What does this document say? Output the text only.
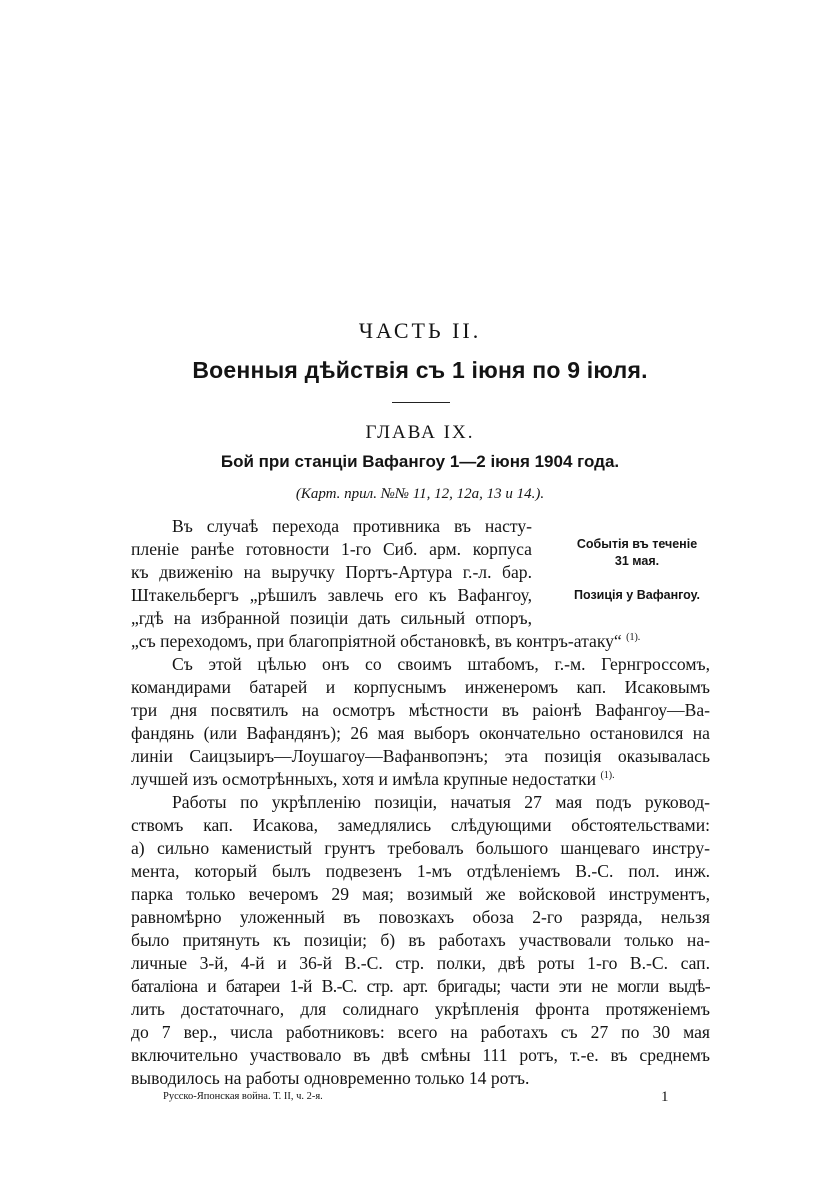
ЧАСТЬ II.
Военныя дѣйствія съ 1 іюня по 9 іюля.
ГЛАВА IX.
Бой при станціи Вафангоу 1—2 іюня 1904 года.
(Карт. прил. №№ 11, 12, 12а, 13 и 14.).
Событія въ теченіе
31 мая.
Позиція у Вафангоу.
Въ случаѣ перехода противника въ насту-
пленіе ранѣе готовности 1-го Сиб. арм. корпуса
къ движенію на выручку Портъ-Артура г.-л. бар.
Штакельбергъ „рѣшилъ завлечь его къ Вафангоу,
„гдѣ на избранной позиціи дать сильный отпоръ,
„съ переходомъ, при благопріятной обстановкѣ, въ контръ-атаку“ $^{(1).}$
Съ этой цѣлью онъ со своимъ штабомъ, г.-м. Гернгроссомъ,
командирами батарей и корпуснымъ инженеромъ кап. Исаковымъ
три дня посвятилъ на осмотръ мѣстности въ раіонѣ Вафангоу—Ва-
фандянь (или Вафандянъ); 26 мая выборъ окончательно остановился на
линіи Саицзыиръ—Лоушагоу—Вафанвопэнъ; эта позиція оказывалась
лучшей изъ осмотрѣнныхъ, хотя и имѣла крупные недостатки $^{(1).}$
Работы по укрѣпленію позиціи, начатыя 27 мая подъ руковод-
ствомъ кап. Исакова, замедлялись слѣдующими обстоятельствами:
а) сильно каменистый грунтъ требовалъ большого шанцеваго инстру-
мента, который былъ подвезенъ 1-мъ отдѣленіемъ В.-С. пол. инж.
парка только вечеромъ 29 мая; возимый же войсковой инструментъ,
равномѣрно уложенный въ повозкахъ обоза 2-го разряда, нельзя
было притянуть къ позиціи; б) въ работахъ участвовали только на-
личные 3-й, 4-й и 36-й В.-С. стр. полки, двѣ роты 1-го В.-С. сап.
баталіона и батареи 1-й В.-С. стр. арт. бригады; части эти не могли выдѣ-
лить достаточнаго, для солиднаго укрѣпленія фронта протяженіемъ
до 7 вер., числа работниковъ: всего на работахъ съ 27 по 30 мая
включительно участвовало въ двѣ смѣны 111 ротъ, т.-е. въ среднемъ
выводилось на работы одновременно только 14 ротъ.
Русско-Японская война. Т. II, ч. 2-я.	1
